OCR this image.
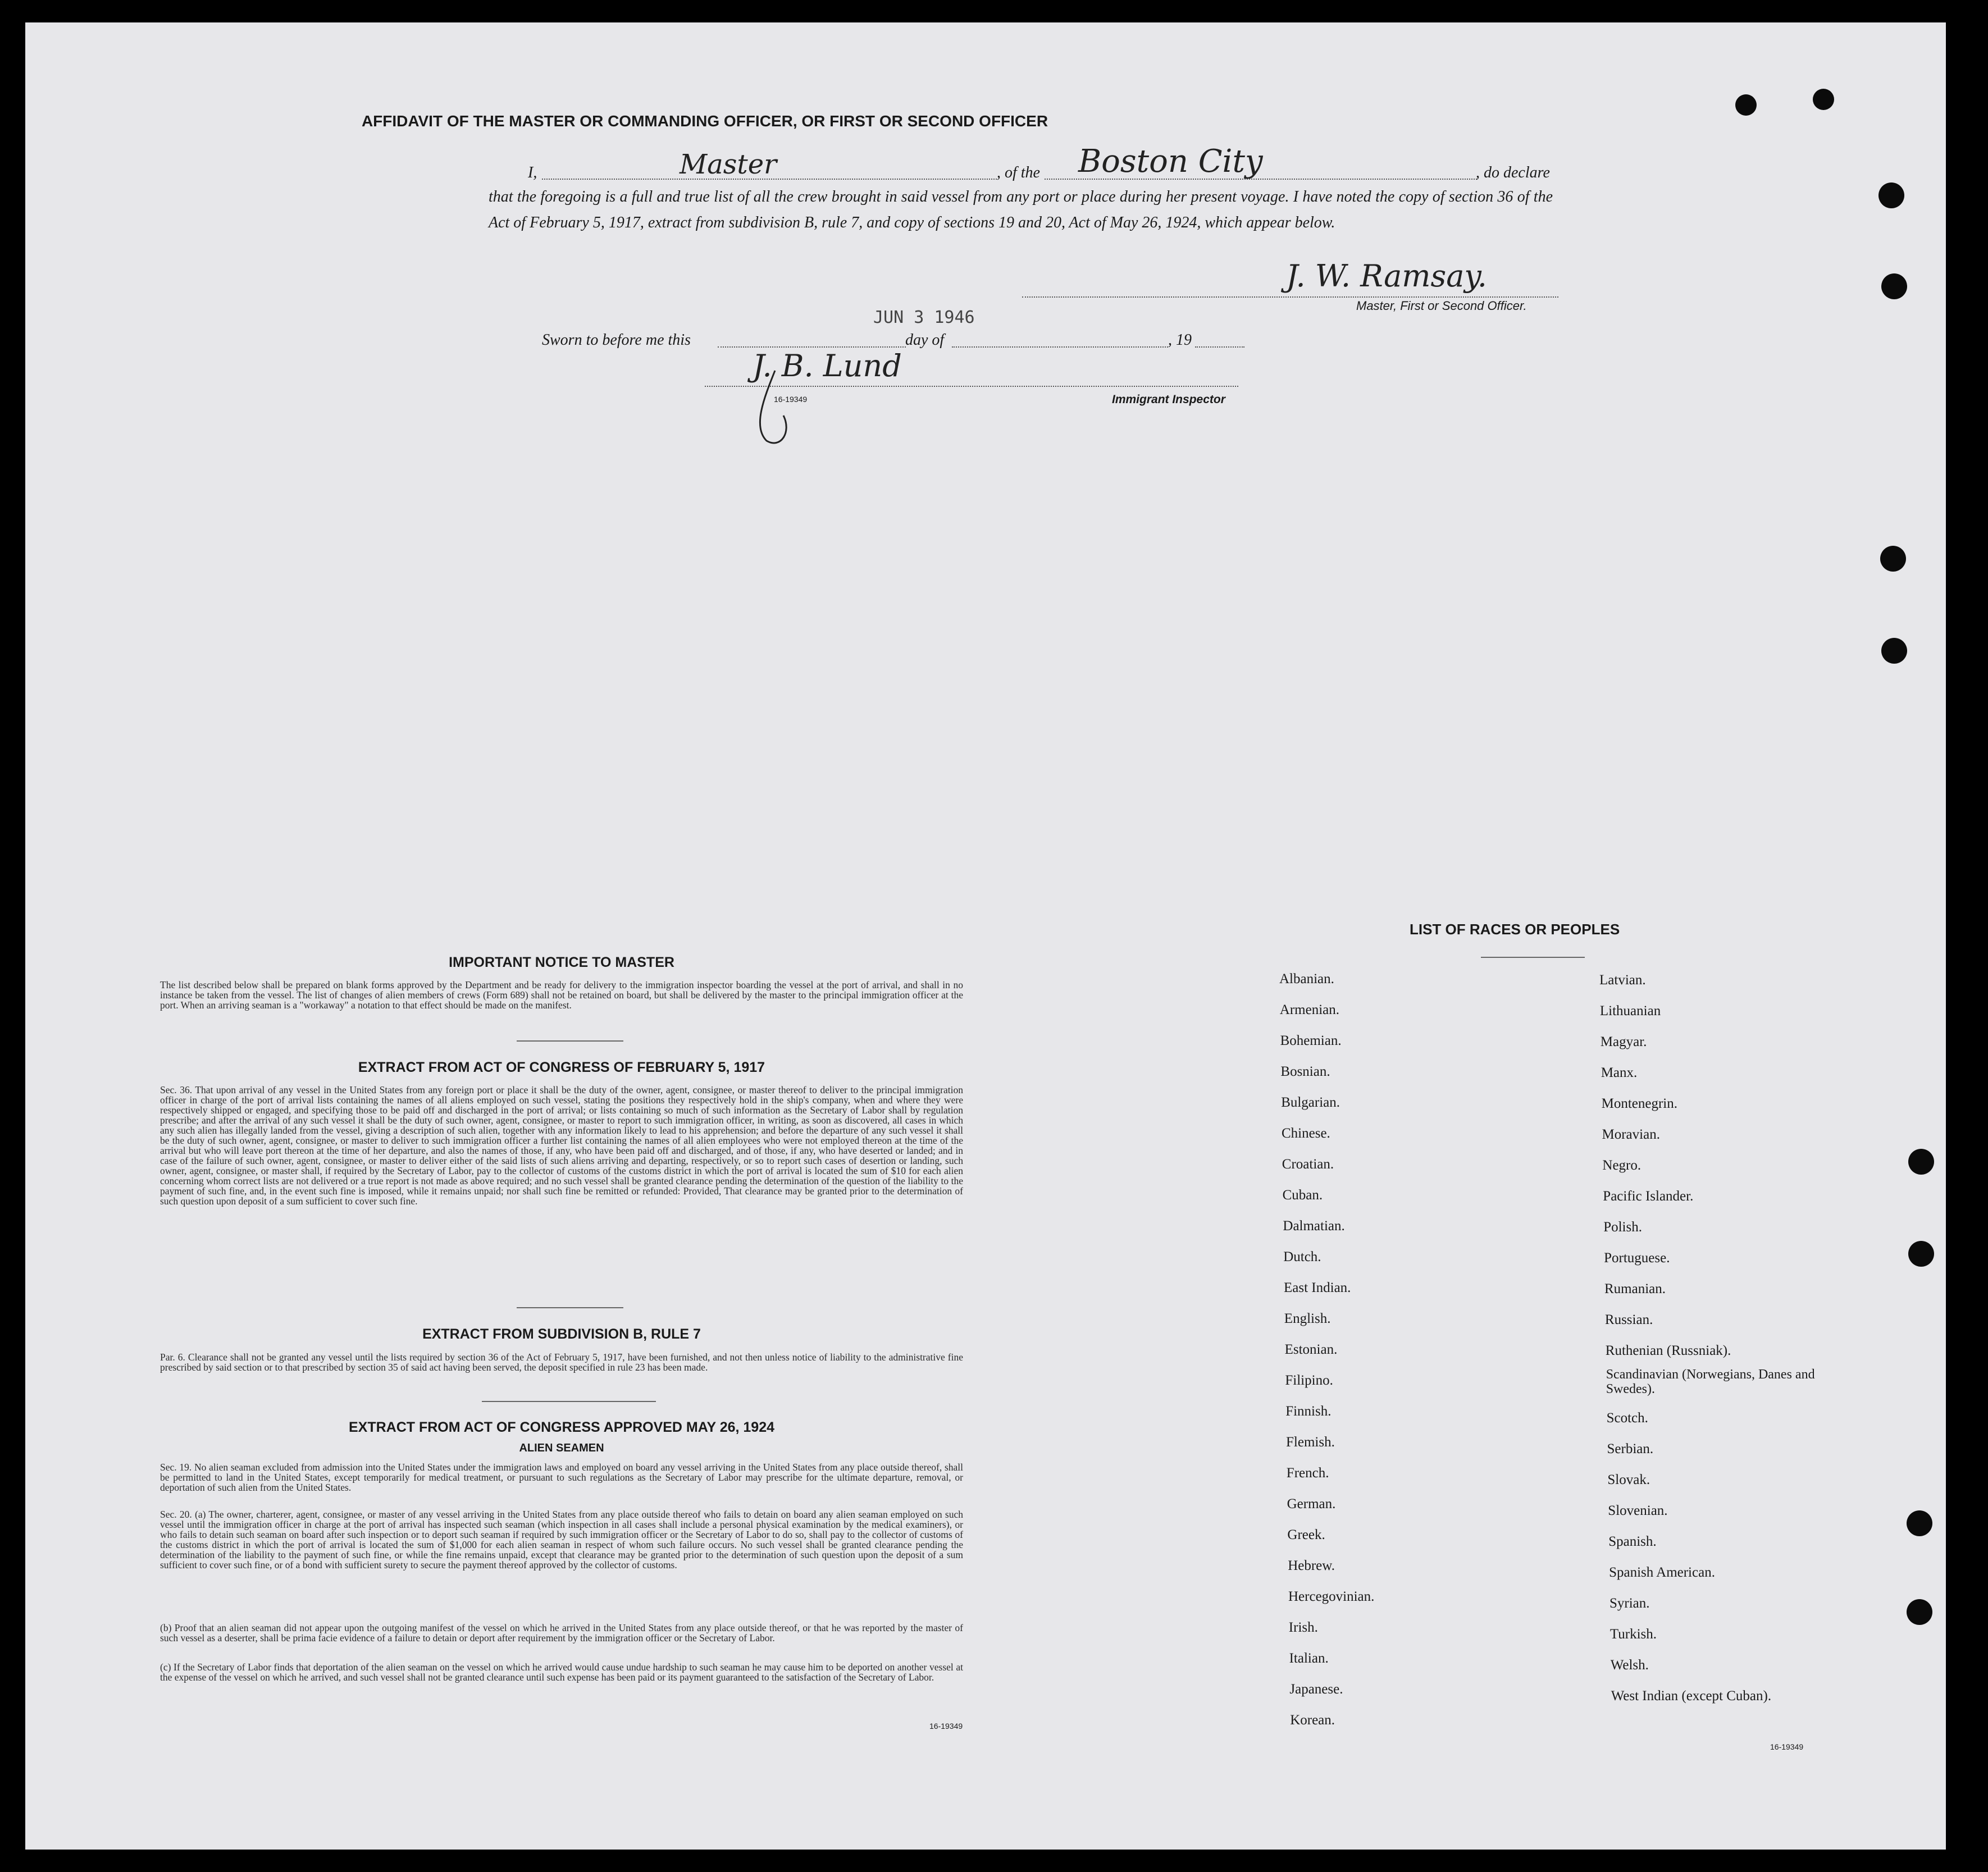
AFFIDAVIT OF THE MASTER OR COMMANDING OFFICER, OR FIRST OR SECOND OFFICER
I,	Master	, of the Boston City	, do declare
that the foregoing is a full and true list of all the crew brought in said vessel from any port or place during her present voyage. I have noted the copy of section 36 of the Act of February 5, 1917, extract from subdivision B, rule 7, and copy of sections 19 and 20, Act of May 26, 1924, which appear below.
J. W. Ramsay.
Master, First or Second Officer.
Sworn to before me this
JUN 3 1946
day of	, 19
J. B. Lund
16-19349	Immigrant Inspector
IMPORTANT NOTICE TO MASTER
The list described below shall be prepared on blank forms approved by the Department and be ready for delivery to the immigration inspector boarding the vessel at the port of arrival, and shall in no instance be taken from the vessel. The list of changes of alien members of crews (Form 689) shall not be retained on board, but shall be delivered by the master to the principal immigration officer at the port. When an arriving seaman is a "workaway" a notation to that effect should be made on the manifest.
EXTRACT FROM ACT OF CONGRESS OF FEBRUARY 5, 1917
Sec. 36. That upon arrival of any vessel in the United States from any foreign port or place it shall be the duty of the owner, agent, consignee, or master thereof to deliver to the principal immigration officer in charge of the port of arrival lists containing the names of all aliens employed on such vessel, stating the positions they respectively hold in the ship's company, when and where they were respectively shipped or engaged, and specifying those to be paid off and discharged in the port of arrival; or lists containing so much of such information as the Secretary of Labor shall by regulation prescribe; and after the arrival of any such vessel it shall be the duty of such owner, agent, consignee, or master to report to such immigration officer, in writing, as soon as discovered, all cases in which any such alien has illegally landed from the vessel, giving a description of such alien, together with any information likely to lead to his apprehension; and before the departure of any such vessel it shall be the duty of such owner, agent, consignee, or master to deliver to such immigration officer a further list containing the names of all alien employees who were not employed thereon at the time of the arrival but who will leave port thereon at the time of her departure, and also the names of those, if any, who have been paid off and discharged, and of those, if any, who have deserted or landed; and in case of the failure of such owner, agent, consignee, or master to deliver either of the said lists of such aliens arriving and departing, respectively, or so to report such cases of desertion or landing, such owner, agent, consignee, or master shall, if required by the Secretary of Labor, pay to the collector of customs of the customs district in which the port of arrival is located the sum of $10 for each alien concerning whom correct lists are not delivered or a true report is not made as above required; and no such vessel shall be granted clearance pending the determination of the question of the liability to the payment of such fine, and, in the event such fine is imposed, while it remains unpaid; nor shall such fine be remitted or refunded: Provided, That clearance may be granted prior to the determination of such question upon deposit of a sum sufficient to cover such fine.
EXTRACT FROM SUBDIVISION B, RULE 7
Par. 6. Clearance shall not be granted any vessel until the lists required by section 36 of the Act of February 5, 1917, have been furnished, and not then unless notice of liability to the administrative fine prescribed by said section or to that prescribed by section 35 of said act having been served, the deposit specified in rule 23 has been made.
EXTRACT FROM ACT OF CONGRESS APPROVED MAY 26, 1924
ALIEN SEAMEN
Sec. 19. No alien seaman excluded from admission into the United States under the immigration laws and employed on board any vessel arriving in the United States from any place outside thereof, shall be permitted to land in the United States, except temporarily for medical treatment, or pursuant to such regulations as the Secretary of Labor may prescribe for the ultimate departure, removal, or deportation of such alien from the United States.
Sec. 20. (a) The owner, charterer, agent, consignee, or master of any vessel arriving in the United States from any place outside thereof who fails to detain on board any alien seaman employed on such vessel until the immigration officer in charge at the port of arrival has inspected such seaman (which inspection in all cases shall include a personal physical examination by the medical examiners), or who fails to detain such seaman on board after such inspection or to deport such seaman if required by such immigration officer or the Secretary of Labor to do so, shall pay to the collector of customs of the customs district in which the port of arrival is located the sum of $1,000 for each alien seaman in respect of whom such failure occurs. No such vessel shall be granted clearance pending the determination of the liability to the payment of such fine, or while the fine remains unpaid, except that clearance may be granted prior to the determination of such question upon the deposit of a sum sufficient to cover such fine, or of a bond with sufficient surety to secure the payment thereof approved by the collector of customs.
(b) Proof that an alien seaman did not appear upon the outgoing manifest of the vessel on which he arrived in the United States from any place outside thereof, or that he was reported by the master of such vessel as a deserter, shall be prima facie evidence of a failure to detain or deport after requirement by the immigration officer or the Secretary of Labor.
(c) If the Secretary of Labor finds that deportation of the alien seaman on the vessel on which he arrived would cause undue hardship to such seaman he may cause him to be deported on another vessel at the expense of the vessel on which he arrived, and such vessel shall not be granted clearance until such expense has been paid or its payment guaranteed to the satisfaction of the Secretary of Labor.
16-19349
LIST OF RACES OR PEOPLES
Albanian.
Armenian.
Bohemian.
Bosnian.
Bulgarian.
Chinese.
Croatian.
Cuban.
Dalmatian.
Dutch.
East Indian.
English.
Estonian.
Filipino.
Finnish.
Flemish.
French.
German.
Greek.
Hebrew.
Hercegovinian.
Irish.
Italian.
Japanese.
Korean.
Latvian.
Lithuanian
Magyar.
Manx.
Montenegrin.
Moravian.
Negro.
Pacific Islander.
Polish.
Portuguese.
Rumanian.
Russian.
Ruthenian (Russniak).
Scandinavian (Norwegians, Danes and Swedes).
Scotch.
Serbian.
Slovak.
Slovenian.
Spanish.
Spanish American.
Syrian.
Turkish.
Welsh.
West Indian (except Cuban).
16-19349
